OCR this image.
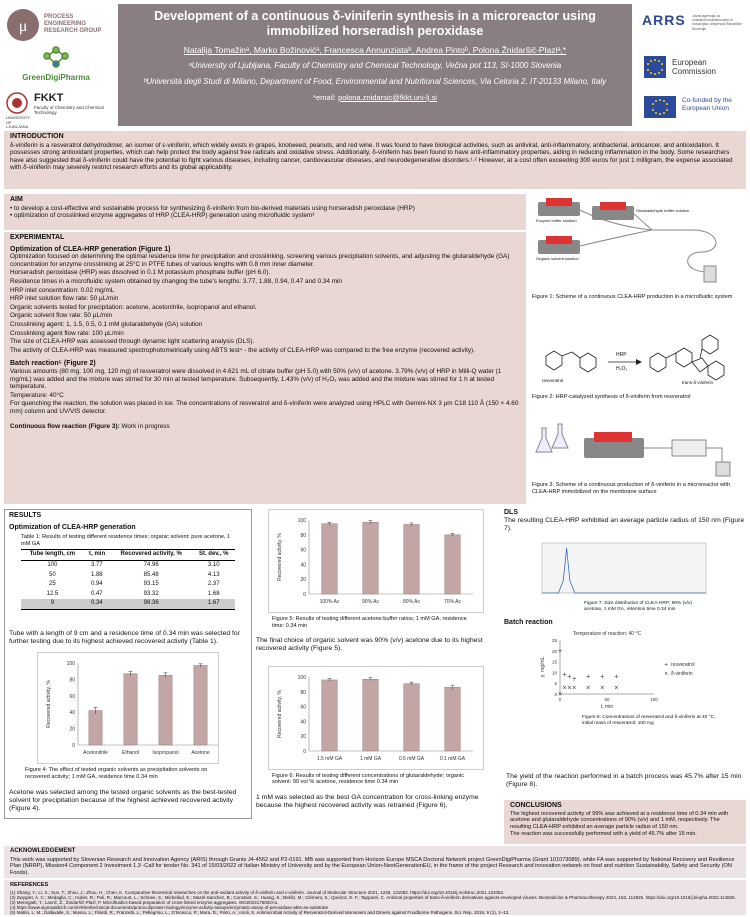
μ
PROCESS ENGINEERING RESEARCH GROUP
GreenDigiPharma
FKKT
Faculty of Chemistry and Chemical Technology
UNIVERSITY OF LJUBLJANA
Development of a continuous δ-viniferin synthesis in a microreactor using immobilized horseradish peroxidase
Natalija Tomažinᵃ, Marko Božinovićᵃ, Francesca Annunziataᵇ, Andrea Pintoᵇ, Polona Žnidaršič-Plazlᵃ,*
ᵃUniversity of Ljubljana, Faculty of Chemistry and Chemical Technology, Večna pot 113, SI-1000 Slovenia
ᵇUniversità degli Studi di Milano, Department of Food, Environmental and Nutritional Sciences, Via Celoria 2, IT-20133 Milano, Italy
*email: polona.znidarsic@fkkt.uni-lj.si
ARRS Javna agencija za znanstvenoraziskovalno in inovacijsko dejavnost Republike Slovenije
European Commission
Co-funded by the European Union
INTRODUCTION

δ-viniferin is a resveratrol dehydrodimer, an isomer of ε-viniferin, which widely exists in grapes, knotweed, peanuts, and red wine. It was found to have biological activities, such as antiviral, anti-inflammatory, antibacterial, anticancer, and antioxidation. It possesses strong antioxidant properties, which can help protect the body against free radicals and oxidative stress. Additionally, δ-viniferin has been found to have anti-inflammatory properties, aiding in reducing inflammation in the body. Some researchers have also suggested that δ-viniferin could have the potential to fight various diseases, including cancer, cardiovascular diseases, and neurodegenerative disorders.¹˒² However, at a cost often exceeding 300 euros for just 1 milligram, the expense associated with δ-viniferin may severely restrict research efforts and its global applicability.

AIM
• to develop a cost-effective and sustainable process for synthesizing δ-viniferin from bio-derived materials using horseradish peroxidase (HRP)
• optimization of crosslinked enzyme aggregates of HRP (CLEA-HRP) generation using microfluidic system³
EXPERIMENTAL
Optimization of CLEA-HRP generation (Figure 1)

Optimization focused on determining the optimal residence time for precipitation and crosslinking, screening various precipitation solvents, and adjusting the glutaraldehyde (GA) concentration for enzyme crosslinking at 25°C in PTFE tubes of various lengths with 0.8 mm inner diameter.

Horseradish peroxidase (HRP) was dissolved in 0.1 M potassium phosphate buffer (pH 6.0).

Residence times in a microfluidic system obtained by changing the tube's lengths: 3.77, 1.88, 0.94, 0.47 and 0.34 min

HRP inlet concentration: 0.02 mg/mL

HRP inlet solution flow rate: 50 µL/min

Organic solvents tested for precipitation: acetone, acetonitrile, isopropanol and ethanol.

Organic solvent flow rate: 50 µL/min

Crosslinking agent: 1, 1.5, 0.5, 0.1 mM glutaraldehyde (GA) solution

Crosslinking agent flow rate: 100 µL/min

The size of CLEA-HRP was assessed through dynamic light scattering analysis (DLS).

The activity of CLEA-HRP was measured spectrophotometrically using ABTS test⁴ - the activity of CLEA-HRP was compared to the free enzyme (recovered activity).

Batch reaction⁵ (Figure 2)

Various amounts (80 mg, 100 mg, 120 mg) of resveratrol were dissolved in 4.621 mL of citrate buffer (pH 5.0) with 50% (v/v) of acetone. 3.79% (v/v) of HRP in Milli-Q water (1 mg/mL) was added and the mixture was stirred for 30 min at tested temperature. Subsequently, 1.43% (v/v) of H₂O₂ was added and the mixture was stirred for 1 h at tested temperature.

Temperature: 40°C

For quenching the reaction, the solution was placed in ice. The concentrations of resveratrol and δ-viniferin were analyzed using HPLC with Gemini-NX 3 µm C18 110 Å (150 × 4.60 mm) column and UV/VIS detector.

Continuous flow reaction (Figure 3): Work in progress
Enzyme buffer solution
Glutaraldehyde buffer solution
Organic solvent solution
Figure 1: Scheme of a continuous CLEA-HRP production in a microfluidic system
resveratrol
HRP
H₂O₂
trans-δ-viniferin
Figure 2: HRP-catalyzed synthesis of δ-viniferin from resveratrol
Figure 3: Scheme of a continuous production of δ-viniferin in a microreactor with CLEA-HRP immobilized on the membrane surface
RESULTS
Optimization of CLEA-HRP generation
Table 1: Results of testing different residence times; organic solvent: pure acetone, 1 mM GA
Tube length, cm	τ, min	Recovered activity, %	St. dev., %
100	3.77	74.96	3.10
50	1.88	85.48	4.13
25	0.94	93.15	2.37
12.5	0.47	93.32	1.68
9	0.34	98.36	1.67

Tube with a length of 9 cm and a residence time of 0.34 min was selected for further testing due to its highest achieved recovered activity (Table 1).

0
20
40
60
80
100
Recovered activity, %
Acetonitrile	Ethanol	Isopropanol	Acetone
Figure 4: The effect of tested organic solvents as precipitation solvents on recovered activity; 1 mM GA, residence time 0.34 min

Acetone was selected among the tested organic solvents as the best-tested solvent for precipitation because of the highest achieved recovered activity (Figure 4).

0
20
40
60
80
100
Recovered activity, %
100% Ac	90% Ac	80% Ac	70% Ac
Figure 5: Results of testing different acetone:buffer ratios; 1 mM GA, residence time: 0.34 min

The final choice of organic solvent was 90% (v/v) acetone due to its highest recovered activity (Figure 5).

0
20
40
60
80
100
Recovered activity, %
1.5 mM GA	1 mM GA	0.5 mM GA	0.1 mM GA
Figure 6: Results of testing different concentrations of glutaraldehyde; organic solvent: 90 vol % acetone, residence time 0.34 min

1 mM was selected as the best GA concentration for cross-linking enzyme because the highest recovered activity was retrained (Figure 6).

DLS

The resulting CLEA-HRP exhibited an average particle radius of 150 nm (Figure 7).

Figure 7: Size distribution of CLEA-HRP; 90% (v/v) acetone, 1 mM GA, retention time 0.34 min
Batch reaction
Temperature of reaction: 40 °C
0
5
10
15
20
25
0	50	100
t, min
γ, mg/mL
+
+ + + + + +
+ resveratrol
×
× × × × × ×
× δ-viniferin
Figure 8: Concentrations of resveratrol and δ-viniferin at 40 °C, initial mass of resveratrol: 100 mg

The yield of the reaction performed in a batch process was 45.7% after 15 min (Figure 8).

CONCLUSIONS

The highest recovered activity of 99% was achieved at a residence time of 0.34 min with acetone and glutaraldehyde concentrations of 90% (v/v) and 1 mM, respectively. The resulting CLEA-HRP exhibited an average particle radius of 150 nm.

The reaction was successfully performed with a yield of 45.7% after 15 min.

ACKNOWLEDGEMENT

This work was supported by Slovenian Research and Innovation Agency (ARIS) through Grants J4-4562 and P2-0191. MB was supported from Horizon Europe MSCA Doctoral Network project GreenDigiPharma (Grant 101073089), while FA was supported by National Recovery and Resilience Plan (NRRP), Mission4 Component 2 Investment 1.3 -Call for tender No. 341 of 15/03/2022 of Italian Ministry of University and by the European Union-NextGenerationEU, in the frame of the project Research and innovation network on food and nutrition Sustainability, Safety and Security (ON Foods).

REFERENCES
(1) Shang, Y.; Li, X.; Sun, T.; Zhou, J.; Zhou, H.; Chen, K. Comparative theoretical researches on the anti-oxidant activity of δ-viniferin and ε-viniferin. Journal of Molecular Structure 2021, 1245, 131062. https://doi.org/10.1016/j.molstruc.2021.131062.
(2) Zwygart, A. C.; Medaglia, C.; Huber, R.; Poli, R.; Marcourt, L.; Schnee, S.; Michellod, E.; Mazel-Sanchez, B.; Constant, S.; Huang, S.; Bekliz, M.; Clément, S.; Queiroz, E. F.; Tapparel, C. Antiviral properties of trans-δ-viniferin derivatives against enveloped viruses. Biomedicine & Pharmacotherapy 2023, 163, 114825. https://doi.org/10.1016/j.biopha.2023.114825.
(3) Menegatti, T.; Lavrič, Ž.; Žnidaršič-Plazl, P. Microfluidics-based preparation of cross-linked enzyme aggregates. WO2023175002A1.
(4) https://www.sigmaaldrich.com/HR/en/technical-documents/protocol/protein-biology/enzyme-activity-assays/enzymatic-assay-of-peroxidase-abts-as-substrate
(5) Mattio, L. M.; Dallavalle, S.; Musso, L.; Filardi, R.; Franzetti, L.; Pellegrino, L.; D'Incecco, P.; Mora, D.; Pinto, A.; Arioli, S. Antimicrobial Activity of Resveratrol-Derived Monomers and Dimers against Foodborne Pathogens. Sci. Rep. 2019, 9 (1), 1–13.
